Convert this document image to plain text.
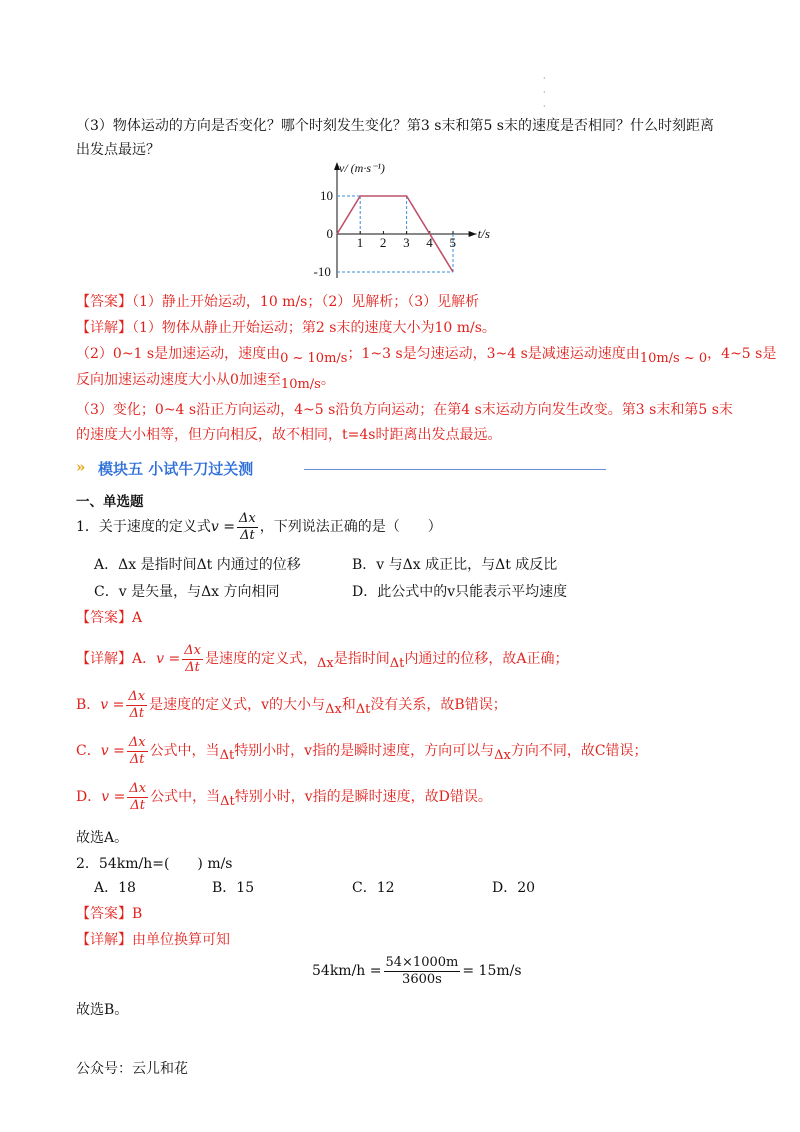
·
·
·
（3）物体运动的方向是否变化？哪个时刻发生变化？第3 s末和第5 s末的速度是否相同？什么时刻距离
出发点最远？
v/ (m·s⁻¹)
t/s
1 2 3 4 5
10
0
-10
【答案】（1）静止开始运动，10 m/s；（2）见解析；（3）见解析
【详解】（1）物体从静止开始运动；第2 s末的速度大小为10 m/s。
（2）0~1 s是加速运动，速度由0 ~ 10m/s；1~3 s是匀速运动，3~4 s是减速运动速度由10m/s ~ 0，4~5 s是
反向加速运动速度大小从0加速至10m/s。
（3）变化；0~4 s沿正方向运动，4~5 s沿负方向运动；在第4 s末运动方向发生改变。第3 s末和第5 s末
的速度大小相等，但方向相反，故不相同，t=4s时距离出发点最远。
» 模块五 小试牛刀过关测
一、单选题
1．关于速度的定义式$v = \frac{\Delta x}{\Delta t}$ ，下列说法正确的是（　　）
A．Δx 是指时间Δt 内通过的位移	B．v 与Δx 成正比，与Δt 成反比
C．v 是矢量，与Δx 方向相同	D．此公式中的v只能表示平均速度
【答案】A
【详解】A．$v = \frac{\Delta x}{\Delta t}$ 是速度的定义式，Δx是指时间Δt内通过的位移，故A正确；
B．$v = \frac{\Delta x}{\Delta t}$ 是速度的定义式，v的大小与Δx和Δt没有关系，故B错误；
C．$v = \frac{\Delta x}{\Delta t}$ 公式中，当Δt特别小时，v指的是瞬时速度，方向可以与Δx方向不同，故C错误；
D．$v = \frac{\Delta x}{\Delta t}$ 公式中，当Δt特别小时，v指的是瞬时速度，故D错误。
故选A。
2．54km/h=(　　) m/s
A．18	B．15	C．12	D．20
【答案】B
【详解】由单位换算可知
$54km/h = \frac{54\times 1000m}{3600s} = 15m/s$
故选B。
公众号：云儿和花
